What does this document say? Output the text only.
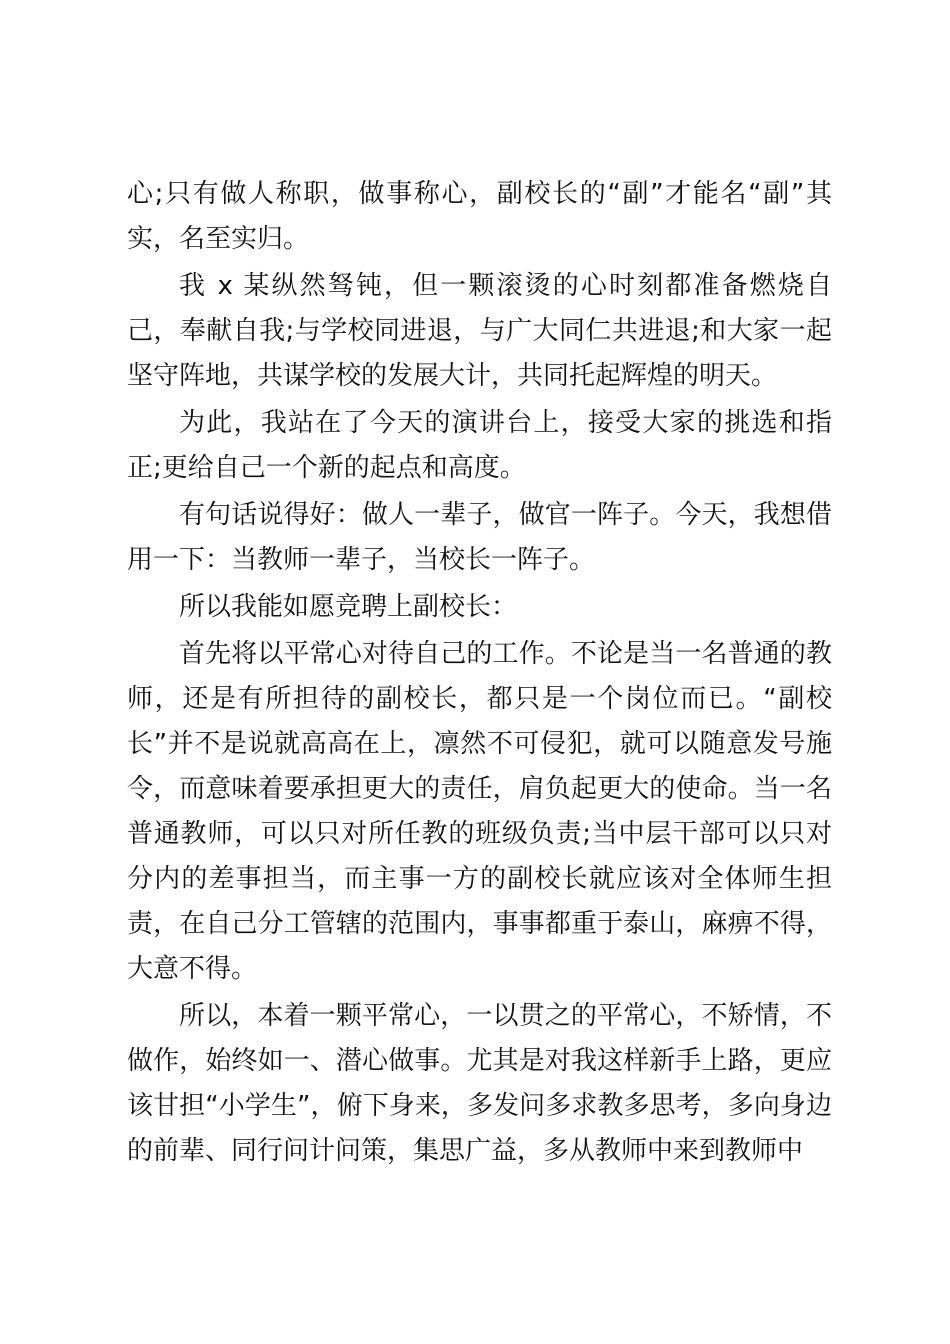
心;只有做人称职，做事称心，副校长的“副”才能名“副”其实，名至实归。

我 x 某纵然驽钝，但一颗滚烫的心时刻都准备燃烧自己，奉献自我;与学校同进退，与广大同仁共进退;和大家一起坚守阵地，共谋学校的发展大计，共同托起辉煌的明天。

为此，我站在了今天的演讲台上，接受大家的挑选和指正;更给自己一个新的起点和高度。

有句话说得好：做人一辈子，做官一阵子。今天，我想借用一下：当教师一辈子，当校长一阵子。

所以我能如愿竞聘上副校长：

首先将以平常心对待自己的工作。不论是当一名普通的教师，还是有所担待的副校长，都只是一个岗位而已。“副校长”并不是说就高高在上，凛然不可侵犯，就可以随意发号施令，而意味着要承担更大的责任，肩负起更大的使命。当一名普通教师，可以只对所任教的班级负责;当中层干部可以只对分内的差事担当，而主事一方的副校长就应该对全体师生担责，在自己分工管辖的范围内，事事都重于泰山，麻痹不得，大意不得。

所以，本着一颗平常心，一以贯之的平常心，不矫情，不做作，始终如一、潜心做事。尤其是对我这样新手上路，更应该甘担“小学生”，俯下身来，多发问多求教多思考，多向身边的前辈、同行问计问策，集思广益，多从教师中来到教师中
